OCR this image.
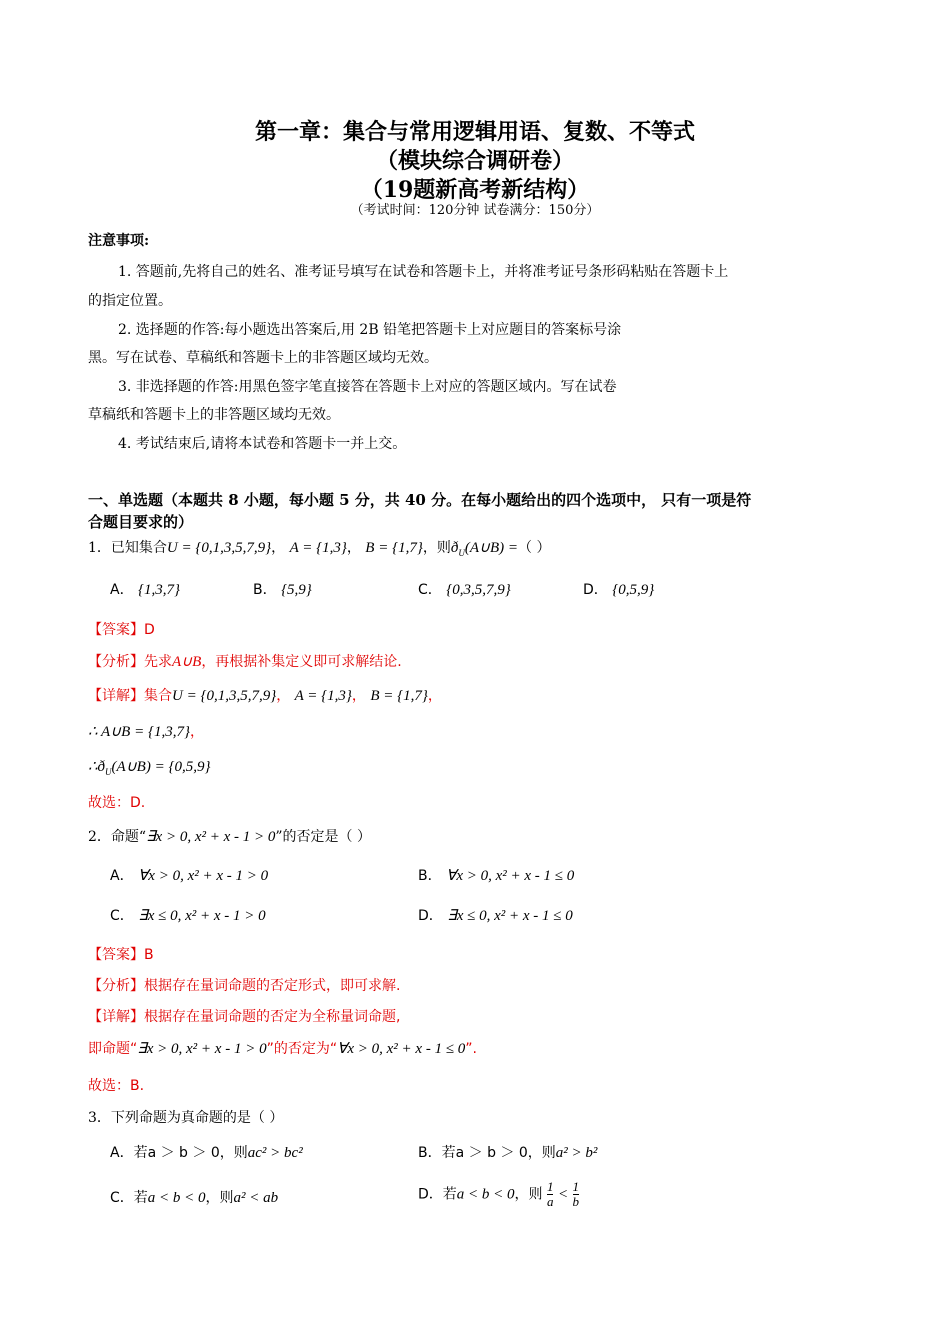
第一章：集合与常用逻辑用语、复数、不等式
（模块综合调研卷）
（19题新高考新结构）
（考试时间：120分钟 试卷满分：150分）
注意事项:
1. 答题前,先将自己的姓名、准考证号填写在试卷和答题卡上，并将准考证号条形码粘贴在答题卡上
的指定位置。
2. 选择题的作答:每小题选出答案后,用 2B 铅笔把答题卡上对应题目的答案标号涂
黑。写在试卷、草稿纸和答题卡上的非答题区域均无效。
3. 非选择题的作答:用黑色签字笔直接答在答题卡上对应的答题区域内。写在试卷
草稿纸和答题卡上的非答题区域均无效。
4. 考试结束后,请将本试卷和答题卡一并上交。
一、单选题（本题共 8 小题，每小题 5 分，共 40 分。在每小题给出的四个选项中， 只有一项是符
合题目要求的）
1．已知集合U = {0,1,3,5,7,9}， A = {1,3}， B = {1,7}，则$ð_U(A\cup B)$ =（ ）
A． {1,3,7}	B． {5,9}	C． {0,3,5,7,9}	D． {0,5,9}
【答案】D
【分析】先求A∪B，再根据补集定义即可求解结论.
【详解】集合U = {0,1,3,5,7,9}， A = {1,3}， B = {1,7}，
∴ A∪B = {1,3,7}，
$\therefore ð_U(A\cup B) = \{0,5,9\}$
故选：D.
2．命题“∃x > 0, x² + x - 1 > 0”的否定是（ ）
A． ∀x > 0, x² + x - 1 > 0	B． ∀x > 0, x² + x - 1 ≤ 0
C． ∃x ≤ 0, x² + x - 1 > 0	D． ∃x ≤ 0, x² + x - 1 ≤ 0
【答案】B
【分析】根据存在量词命题的否定形式，即可求解.
【详解】根据存在量词命题的否定为全称量词命题,
即命题“∃x > 0, x² + x - 1 > 0”的否定为“∀x > 0, x² + x - 1 ≤ 0”.
故选：B.
3．下列命题为真命题的是（ ）
A．若a ＞ b ＞ 0，则ac² > bc²	B．若a ＞ b ＞ 0，则a² > b²
C．若a < b < 0，则a² < ab	D．若a < b < 0，则 $\frac{1}{a} < \frac{1}{b}$
